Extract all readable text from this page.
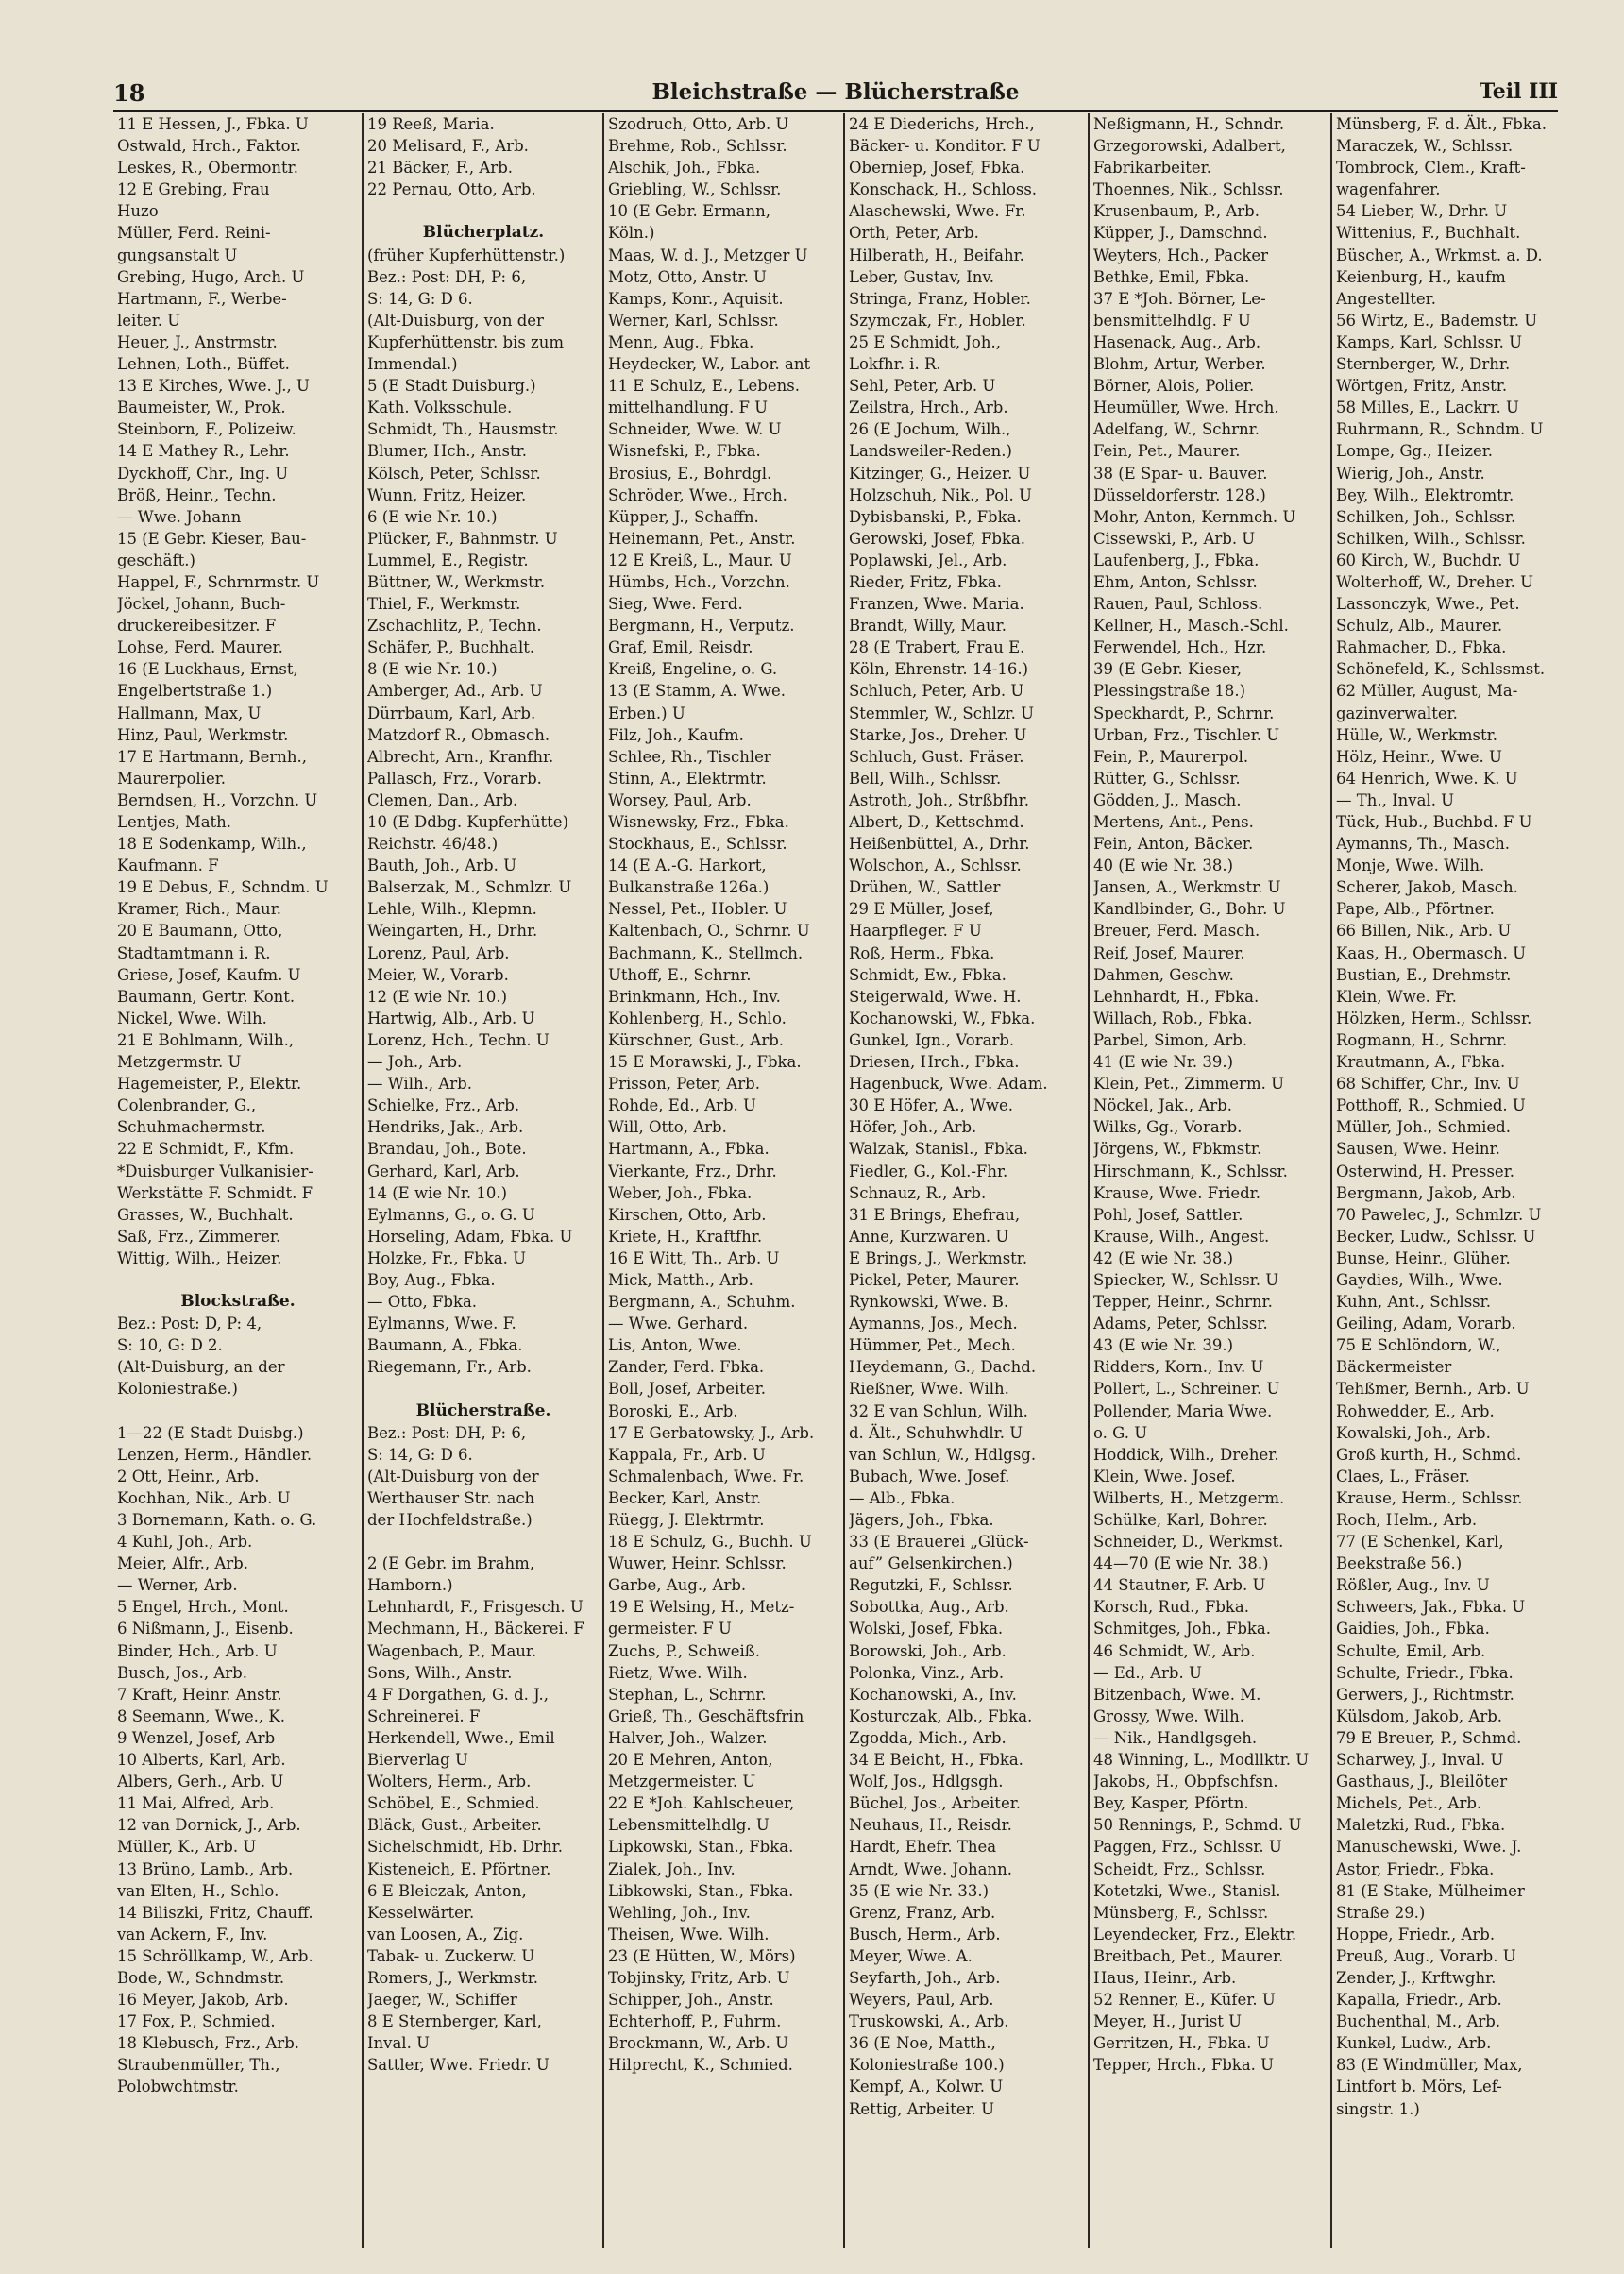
18	Bleichstraße — Blücherstraße	Teil III
11 E Hessen, J., Fbka. U
Ostwald, Hrch., Faktor.
Leskes, R., Obermontr.
12 E Grebing, Frau
Huzo
Müller, Ferd. Reini-
gungsanstalt U
Grebing, Hugo, Arch. U
Hartmann, F., Werbe-
leiter. U
Heuer, J., Anstrmstr.
Lehnen, Loth., Büffet.
13 E Kirches, Wwe. J., U
Baumeister, W., Prok.
Steinborn, F., Polizeiw.
14 E Mathey R., Lehr.
Dyckhoff, Chr., Ing. U
Bröß, Heinr., Techn.
— Wwe. Johann
15 (E Gebr. Kieser, Bau-
geschäft.)
Happel, F., Schrnrmstr. U
Jöckel, Johann, Buch-
druckereibesitzer. F
Lohse, Ferd. Maurer.
16 (E Luckhaus, Ernst,
Engelbertstraße 1.)
Hallmann, Max, U
Hinz, Paul, Werkmstr.
17 E Hartmann, Bernh.,
Maurerpolier.
Berndsen, H., Vorzchn. U
Lentjes, Math.
18 E Sodenkamp, Wilh.,
Kaufmann. F
19 E Debus, F., Schndm. U
Kramer, Rich., Maur.
20 E Baumann, Otto,
Stadtamtmann i. R.
Griese, Josef, Kaufm. U
Baumann, Gertr. Kont.
Nickel, Wwe. Wilh.
21 E Bohlmann, Wilh.,
Metzgermstr. U
Hagemeister, P., Elektr.
Colenbrander, G.,
Schuhmachermstr.
22 E Schmidt, F., Kfm.
*Duisburger Vulkanisier-
Werkstätte F. Schmidt. F
Grasses, W., Buchhalt.
Saß, Frz., Zimmerer.
Wittig, Wilh., Heizer.

Blockstraße.
Bez.: Post: D, P: 4,
S: 10, G: D 2.
(Alt-Duisburg, an der
Koloniestraße.)

1—22 (E Stadt Duisbg.)
Lenzen, Herm., Händler.
2 Ott, Heinr., Arb.
Kochhan, Nik., Arb. U
3 Bornemann, Kath. o. G.
4 Kuhl, Joh., Arb.
Meier, Alfr., Arb.
— Werner, Arb.
5 Engel, Hrch., Mont.
6 Nißmann, J., Eisenb.
Binder, Hch., Arb. U
Busch, Jos., Arb.
7 Kraft, Heinr. Anstr.
8 Seemann, Wwe., K.
9 Wenzel, Josef, Arb
10 Alberts, Karl, Arb.
Albers, Gerh., Arb. U
11 Mai, Alfred, Arb.
12 van Dornick, J., Arb.
Müller, K., Arb. U
13 Brüno, Lamb., Arb.
van Elten, H., Schlo.
14 Biliszki, Fritz, Chauff.
van Ackern, F., Inv.
15 Schröllkamp, W., Arb.
Bode, W., Schndmstr.
16 Meyer, Jakob, Arb.
17 Fox, P., Schmied.
18 Klebusch, Frz., Arb.
Straubenmüller, Th.,
Polobwchtmstr.
19 Reeß, Maria.
20 Melisard, F., Arb.
21 Bäcker, F., Arb.
22 Pernau, Otto, Arb.

Blücherplatz.
(früher Kupferhüttenstr.)
Bez.: Post: DH, P: 6,
S: 14, G: D 6.
(Alt-Duisburg, von der
Kupferhüttenstr. bis zum
Immendal.)
5 (E Stadt Duisburg.)
Kath. Volksschule.
Schmidt, Th., Hausmstr.
Blumer, Hch., Anstr.
Kölsch, Peter, Schlssr.
Wunn, Fritz, Heizer.
6 (E wie Nr. 10.)
Plücker, F., Bahnmstr. U
Lummel, E., Registr.
Büttner, W., Werkmstr.
Thiel, F., Werkmstr.
Zschachlitz, P., Techn.
Schäfer, P., Buchhalt.
8 (E wie Nr. 10.)
Amberger, Ad., Arb. U
Dürrbaum, Karl, Arb.
Matzdorf R., Obmasch.
Albrecht, Arn., Kranfhr.
Pallasch, Frz., Vorarb.
Clemen, Dan., Arb.
10 (E Ddbg. Kupferhütte)
Reichstr. 46/48.)
Bauth, Joh., Arb. U
Balserzak, M., Schmlzr. U
Lehle, Wilh., Klepmn.
Weingarten, H., Drhr.
Lorenz, Paul, Arb.
Meier, W., Vorarb.
12 (E wie Nr. 10.)
Hartwig, Alb., Arb. U
Lorenz, Hch., Techn. U
— Joh., Arb.
— Wilh., Arb.
Schielke, Frz., Arb.
Hendriks, Jak., Arb.
Brandau, Joh., Bote.
Gerhard, Karl, Arb.
14 (E wie Nr. 10.)
Eylmanns, G., o. G. U
Horseling, Adam, Fbka. U
Holzke, Fr., Fbka. U
Boy, Aug., Fbka.
— Otto, Fbka.
Eylmanns, Wwe. F.
Baumann, A., Fbka.
Riegemann, Fr., Arb.

Blücherstraße.
Bez.: Post: DH, P: 6,
S: 14, G: D 6.
(Alt-Duisburg von der
Werthauser Str. nach
der Hochfeldstraße.)

2 (E Gebr. im Brahm,
Hamborn.)
Lehnhardt, F., Frisgesch. U
Mechmann, H., Bäckerei. F
Wagenbach, P., Maur.
Sons, Wilh., Anstr.
4 F Dorgathen, G. d. J.,
Schreinerei. F
Herkendell, Wwe., Emil
Bierverlag U
Wolters, Herm., Arb.
Schöbel, E., Schmied.
Bläck, Gust., Arbeiter.
Sichelschmidt, Hb. Drhr.
Kisteneich, E. Pförtner.
6 E Bleiczak, Anton,
Kesselwärter.
van Loosen, A., Zig.
Tabak- u. Zuckerw. U
Romers, J., Werkmstr.
Jaeger, W., Schiffer
8 E Sternberger, Karl,
Inval. U
Sattler, Wwe. Friedr. U
Szodruch, Otto, Arb. U
Brehme, Rob., Schlssr.
Alschik, Joh., Fbka.
Griebling, W., Schlssr.
10 (E Gebr. Ermann,
Köln.)
Maas, W. d. J., Metzger U
Motz, Otto, Anstr. U
Kamps, Konr., Aquisit.
Werner, Karl, Schlssr.
Menn, Aug., Fbka.
Heydecker, W., Labor. ant
11 E Schulz, E., Lebens.
mittelhandlung. F U
Schneider, Wwe. W. U
Wisnefski, P., Fbka.
Brosius, E., Bohrdgl.
Schröder, Wwe., Hrch.
Küpper, J., Schaffn.
Heinemann, Pet., Anstr.
12 E Kreiß, L., Maur. U
Hümbs, Hch., Vorzchn.
Sieg, Wwe. Ferd.
Bergmann, H., Verputz.
Graf, Emil, Reisdr.
Kreiß, Engeline, o. G.
13 (E Stamm, A. Wwe.
Erben.) U
Filz, Joh., Kaufm.
Schlee, Rh., Tischler
Stinn, A., Elektrmtr.
Worsey, Paul, Arb.
Wisnewsky, Frz., Fbka.
Stockhaus, E., Schlssr.
14 (E A.-G. Harkort,
Bulkanstraße 126a.)
Nessel, Pet., Hobler. U
Kaltenbach, O., Schrnr. U
Bachmann, K., Stellmch.
Uthoff, E., Schrnr.
Brinkmann, Hch., Inv.
Kohlenberg, H., Schlo.
Kürschner, Gust., Arb.
15 E Morawski, J., Fbka.
Prisson, Peter, Arb.
Rohde, Ed., Arb. U
Will, Otto, Arb.
Hartmann, A., Fbka.
Vierkante, Frz., Drhr.
Weber, Joh., Fbka.
Kirschen, Otto, Arb.
Kriete, H., Kraftfhr.
16 E Witt, Th., Arb. U
Mick, Matth., Arb.
Bergmann, A., Schuhm.
— Wwe. Gerhard.
Lis, Anton, Wwe.
Zander, Ferd. Fbka.
Boll, Josef, Arbeiter.
Boroski, E., Arb.
17 E Gerbatowsky, J., Arb.
Kappala, Fr., Arb. U
Schmalenbach, Wwe. Fr.
Becker, Karl, Anstr.
Rüegg, J. Elektrmtr.
18 E Schulz, G., Buchh. U
Wuwer, Heinr. Schlssr.
Garbe, Aug., Arb.
19 E Welsing, H., Metz-
germeister. F U
Zuchs, P., Schweiß.
Rietz, Wwe. Wilh.
Stephan, L., Schrnr.
Grieß, Th., Geschäftsfrin
Halver, Joh., Walzer.
20 E Mehren, Anton,
Metzgermeister. U
22 E *Joh. Kahlscheuer,
Lebensmittelhdlg. U
Lipkowski, Stan., Fbka.
Zialek, Joh., Inv.
Libkowski, Stan., Fbka.
Wehling, Joh., Inv.
Theisen, Wwe. Wilh.
23 (E Hütten, W., Mörs)
Tobjinsky, Fritz, Arb. U
Schipper, Joh., Anstr.
Echterhoff, P., Fuhrm.
Brockmann, W., Arb. U
Hilprecht, K., Schmied.
24 E Diederichs, Hrch.,
Bäcker- u. Konditor. F U
Oberniер, Josef, Fbka.
Konschack, H., Schloss.
Alaschewski, Wwe. Fr.
Orth, Peter, Arb.
Hilberath, H., Beifahr.
Leber, Gustav, Inv.
Stringa, Franz, Hobler.
Szymczak, Fr., Hobler.
25 E Schmidt, Joh.,
Lokfhr. i. R.
Sehl, Peter, Arb. U
Zeilstra, Hrch., Arb.
26 (E Jochum, Wilh.,
Landsweiler-Reden.)
Kitzinger, G., Heizer. U
Holzschuh, Nik., Pol. U
Dybisbanski, P., Fbka.
Gerowski, Josef, Fbka.
Poplawski, Jel., Arb.
Rieder, Fritz, Fbka.
Franzen, Wwe. Maria.
Brandt, Willy, Maur.
28 (E Trabert, Frau E.
Köln, Ehrenstr. 14-16.)
Schluch, Peter, Arb. U
Stemmler, W., Schlzr. U
Starke, Jos., Dreher. U
Schluch, Gust. Fräser.
Bell, Wilh., Schlssr.
Astroth, Joh., Strßbfhr.
Albert, D., Kettschmd.
Heißenbüttel, A., Drhr.
Wolschon, A., Schlssr.
Drühen, W., Sattler
29 E Müller, Josef,
Haarpfleger. F U
Roß, Herm., Fbka.
Schmidt, Ew., Fbka.
Steigerwald, Wwe. H.
Kochanowski, W., Fbka.
Gunkel, Ign., Vorarb.
Driesen, Hrch., Fbka.
Hagenbuck, Wwe. Adam.
30 E Höfer, A., Wwe.
Höfer, Joh., Arb.
Walzak, Stanisl., Fbka.
Fiedler, G., Kol.-Fhr.
Schnauz, R., Arb.
31 E Brings, Ehefrau,
Anne, Kurzwaren. U
E Brings, J., Werkmstr.
Pickel, Peter, Maurer.
Rynkowski, Wwe. B.
Aymanns, Jos., Mech.
Hümmer, Pet., Mech.
Heydemann, G., Dachd.
Rießner, Wwe. Wilh.
32 E van Schlun, Wilh.
d. Ält., Schuhwhdlr. U
van Schlun, W., Hdlgsg.
Bubach, Wwe. Josef.
— Alb., Fbka.
Jägers, Joh., Fbka.
33 (E Brauerei „Glück-
auf” Gelsenkirchen.)
Regutzki, F., Schlssr.
Sobottka, Aug., Arb.
Wolski, Josef, Fbka.
Borowski, Joh., Arb.
Polonka, Vinz., Arb.
Kochanowski, A., Inv.
Kosturczak, Alb., Fbka.
Zgodda, Mich., Arb.
34 E Beicht, H., Fbka.
Wolf, Jos., Hdlgsgh.
Büchel, Jos., Arbeiter.
Neuhaus, H., Reisdr.
Hardt, Ehefr. Thea
Arndt, Wwe. Johann.
35 (E wie Nr. 33.)
Grenz, Franz, Arb.
Busch, Herm., Arb.
Meyer, Wwe. A.
Seyfarth, Joh., Arb.
Weyers, Paul, Arb.
Truskowski, A., Arb.
36 (E Noe, Matth.,
Koloniestraße 100.)
Kempf, A., Kolwr. U
Rettig, Arbeiter. U
Neßigmann, H., Schndr.
Grzegorowski, Adalbert,
Fabrikarbeiter.
Thoennes, Nik., Schlssr.
Krusenbaum, P., Arb.
Küpper, J., Damschnd.
Weyters, Hch., Packer
Bethke, Emil, Fbka.
37 E *Joh. Börner, Le-
bensmittelhdlg. F U
Hasenack, Aug., Arb.
Blohm, Artur, Werber.
Börner, Alois, Polier.
Heumüller, Wwe. Hrch.
Adelfang, W., Schrnr.
Fein, Pet., Maurer.
38 (E Spar- u. Bauver.
Düsseldorferstr. 128.)
Mohr, Anton, Kernmch. U
Cissewski, P., Arb. U
Laufenberg, J., Fbka.
Ehm, Anton, Schlssr.
Rauen, Paul, Schloss.
Kellner, H., Masch.-Schl.
Ferwendel, Hch., Hzr.
39 (E Gebr. Kieser,
Plessingstraße 18.)
Speckhardt, P., Schrnr.
Urban, Frz., Tischler. U
Fein, P., Maurerpol.
Rütter, G., Schlssr.
Gödden, J., Masch.
Mertens, Ant., Pens.
Fein, Anton, Bäcker.
40 (E wie Nr. 38.)
Jansen, A., Werkmstr. U
Kandlbinder, G., Bohr. U
Breuer, Ferd. Masch.
Reif, Josef, Maurer.
Dahmen, Geschw.
Lehnhardt, H., Fbka.
Willach, Rob., Fbka.
Parbel, Simon, Arb.
41 (E wie Nr. 39.)
Klein, Pet., Zimmerm. U
Nöckel, Jak., Arb.
Wilks, Gg., Vorarb.
Jörgens, W., Fbkmstr.
Hirschmann, K., Schlssr.
Krause, Wwe. Friedr.
Pohl, Josef, Sattler.
Krause, Wilh., Angest.
42 (E wie Nr. 38.)
Spiecker, W., Schlssr. U
Tepper, Heinr., Schrnr.
Adams, Peter, Schlssr.
43 (E wie Nr. 39.)
Ridders, Korn., Inv. U
Pollert, L., Schreiner. U
Pollender, Maria Wwe.
o. G. U
Hoddick, Wilh., Dreher.
Klein, Wwe. Josef.
Wilberts, H., Metzgerm.
Schülke, Karl, Bohrer.
Schneider, D., Werkmst.
44—70 (E wie Nr. 38.)
44 Stautner, F. Arb. U
Korsch, Rud., Fbka.
Schmitges, Joh., Fbka.
46 Schmidt, W., Arb.
— Ed., Arb. U
Bitzenbach, Wwe. M.
Grossy, Wwe. Wilh.
— Nik., Handlgsgeh.
48 Winning, L., Modllktr. U
Jakobs, H., Obpfschfsn.
Bey, Kasper, Pförtn.
50 Rennings, P., Schmd. U
Paggen, Frz., Schlssr. U
Scheidt, Frz., Schlssr.
Kotetzki, Wwe., Stanisl.
Münsberg, F., Schlssr.
Leyendecker, Frz., Elektr.
Breitbach, Pet., Maurer.
Haus, Heinr., Arb.
52 Renner, E., Küfer. U
Meyer, H., Jurist U
Gerritzen, H., Fbka. U
Tepper, Hrch., Fbka. U
Münsberg, F. d. Ält., Fbka.
Maraczek, W., Schlssr.
Tombrock, Clem., Kraft-
wagenfahrer.
54 Lieber, W., Drhr. U
Wittenius, F., Buchhalt.
Büscher, A., Wrkmst. a. D.
Keienburg, H., kaufm
Angestellter.
56 Wirtz, E., Bademstr. U
Kamps, Karl, Schlssr. U
Sternberger, W., Drhr.
Wörtgen, Fritz, Anstr.
58 Milles, E., Lackrr. U
Ruhrmann, R., Schndm. U
Lompe, Gg., Heizer.
Wierig, Joh., Anstr.
Bey, Wilh., Elektromtr.
Schilken, Joh., Schlssr.
Schilken, Wilh., Schlssr.
60 Kirch, W., Buchdr. U
Wolterhoff, W., Dreher. U
Lassonczyk, Wwe., Pet.
Schulz, Alb., Maurer.
Rahmacher, D., Fbka.
Schönefeld, K., Schlssmst.
62 Müller, August, Ma-
gazinverwalter.
Hülle, W., Werkmstr.
Hölz, Heinr., Wwe. U
64 Henrich, Wwe. K. U
— Th., Inval. U
Tück, Hub., Buchbd. F U
Aymanns, Th., Masch.
Monje, Wwe. Wilh.
Scherer, Jakob, Masch.
Pape, Alb., Pförtner.
66 Billen, Nik., Arb. U
Kaas, H., Obermasch. U
Bustian, E., Drehmstr.
Klein, Wwe. Fr.
Hölzken, Herm., Schlssr.
Rogmann, H., Schrnr.
Krautmann, A., Fbka.
68 Schiffer, Chr., Inv. U
Potthoff, R., Schmied. U
Müller, Joh., Schmied.
Sausen, Wwe. Heinr.
Osterwind, H. Presser.
Bergmann, Jakob, Arb.
70 Pawelec, J., Schmlzr. U
Becker, Ludw., Schlssr. U
Bunse, Heinr., Glüher.
Gaydies, Wilh., Wwe.
Kuhn, Ant., Schlssr.
Geiling, Adam, Vorarb.
75 E Schlöndorn, W.,
Bäckermeister
Tehßmer, Bernh., Arb. U
Rohwedder, E., Arb.
Kowalski, Joh., Arb.
Groß kurth, H., Schmd.
Claes, L., Fräser.
Krause, Herm., Schlssr.
Roch, Helm., Arb.
77 (E Schenkel, Karl,
Beekstraße 56.)
Rößler, Aug., Inv. U
Schweers, Jak., Fbka. U
Gaidies, Joh., Fbka.
Schulte, Emil, Arb.
Schulte, Friedr., Fbka.
Gerwers, J., Richtmstr.
Külsdom, Jakob, Arb.
79 E Breuer, P., Schmd.
Scharwey, J., Inval. U
Gasthaus, J., Bleilöter
Michels, Pet., Arb.
Maletzki, Rud., Fbka.
Manuschewski, Wwe. J.
Astor, Friedr., Fbka.
81 (E Stake, Mülheimer
Straße 29.)
Hoppe, Friedr., Arb.
Preuß, Aug., Vorarb. U
Zender, J., Krftwghr.
Kapalla, Friedr., Arb.
Buchenthal, M., Arb.
Kunkel, Ludw., Arb.
83 (E Windmüller, Max,
Lintfort b. Mörs, Lef-
singstr. 1.)
